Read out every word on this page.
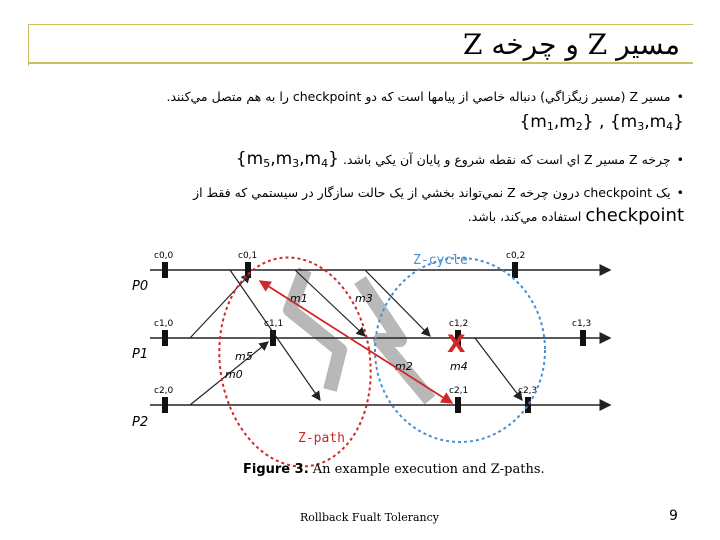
مسیر Z و چرخه Z
•مسير Z (مسير زيگزاگي) دنباله خاصي از پيامها است كه دو checkpoint را به هم متصل مي‌كنند.
$\{m_1,m_2\}$ , $\{m_3,m_4\}$
•چرخه Z مسير Z اي است كه نقطه شروع و پايان آن يكي باشد. $\{m_5,m_3,m_4\}$
•يک checkpoint درون چرخه Z نمي‌تواند بخشي از يک حالت سازگار در سيستمي كه فقط از
checkpoint استفاده مي‌كند، باشد.
P0
P1
P2
c0,0	c0,1	c0,2
c1,0	c1,1	c1,2	c1,3
c2,0	c2,1	c2,3
m1	m3
m0
m5
m2	m4
X
Z-cycle
Z-path
Figure 3. An example execution and Z-paths.
Rollback Fualt Tolerancy	9
